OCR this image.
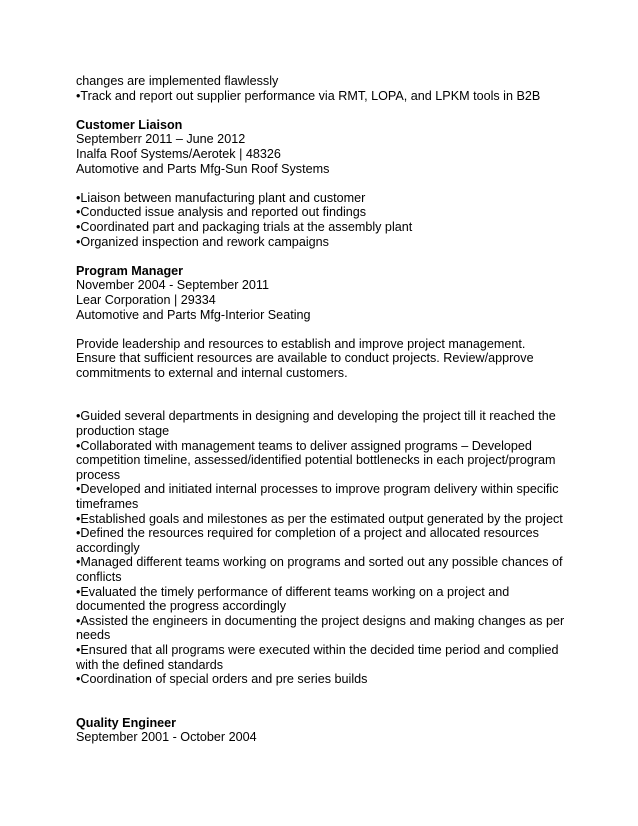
changes are implemented flawlessly
•Track and report out supplier performance via RMT, LOPA, and LPKM tools in B2B
Customer Liaison
Septemberr 2011 – June 2012
Inalfa Roof Systems/Aerotek | 48326
Automotive and Parts Mfg-Sun Roof Systems
•Liaison between manufacturing plant and customer
•Conducted issue analysis and reported out findings
•Coordinated part and packaging trials at the assembly plant
•Organized inspection and rework campaigns
Program Manager
November 2004 - September 2011
Lear Corporation | 29334
Automotive and Parts Mfg-Interior Seating
Provide leadership and resources to establish and improve project management.
Ensure that sufficient resources are available to conduct projects. Review/approve
commitments to external and internal customers.
•Guided several departments in designing and developing the project till it reached the
production stage
•Collaborated with management teams to deliver assigned programs – Developed
competition timeline, assessed/identified potential bottlenecks in each project/program
process
•Developed and initiated internal processes to improve program delivery within specific
timeframes
•Established goals and milestones as per the estimated output generated by the project
•Defined the resources required for completion of a project and allocated resources
accordingly
•Managed different teams working on programs and sorted out any possible chances of
conflicts
•Evaluated the timely performance of different teams working on a project and
documented the progress accordingly
•Assisted the engineers in documenting the project designs and making changes as per
needs
•Ensured that all programs were executed within the decided time period and complied
with the defined standards
•Coordination of special orders and pre series builds
Quality Engineer
September 2001 - October 2004
